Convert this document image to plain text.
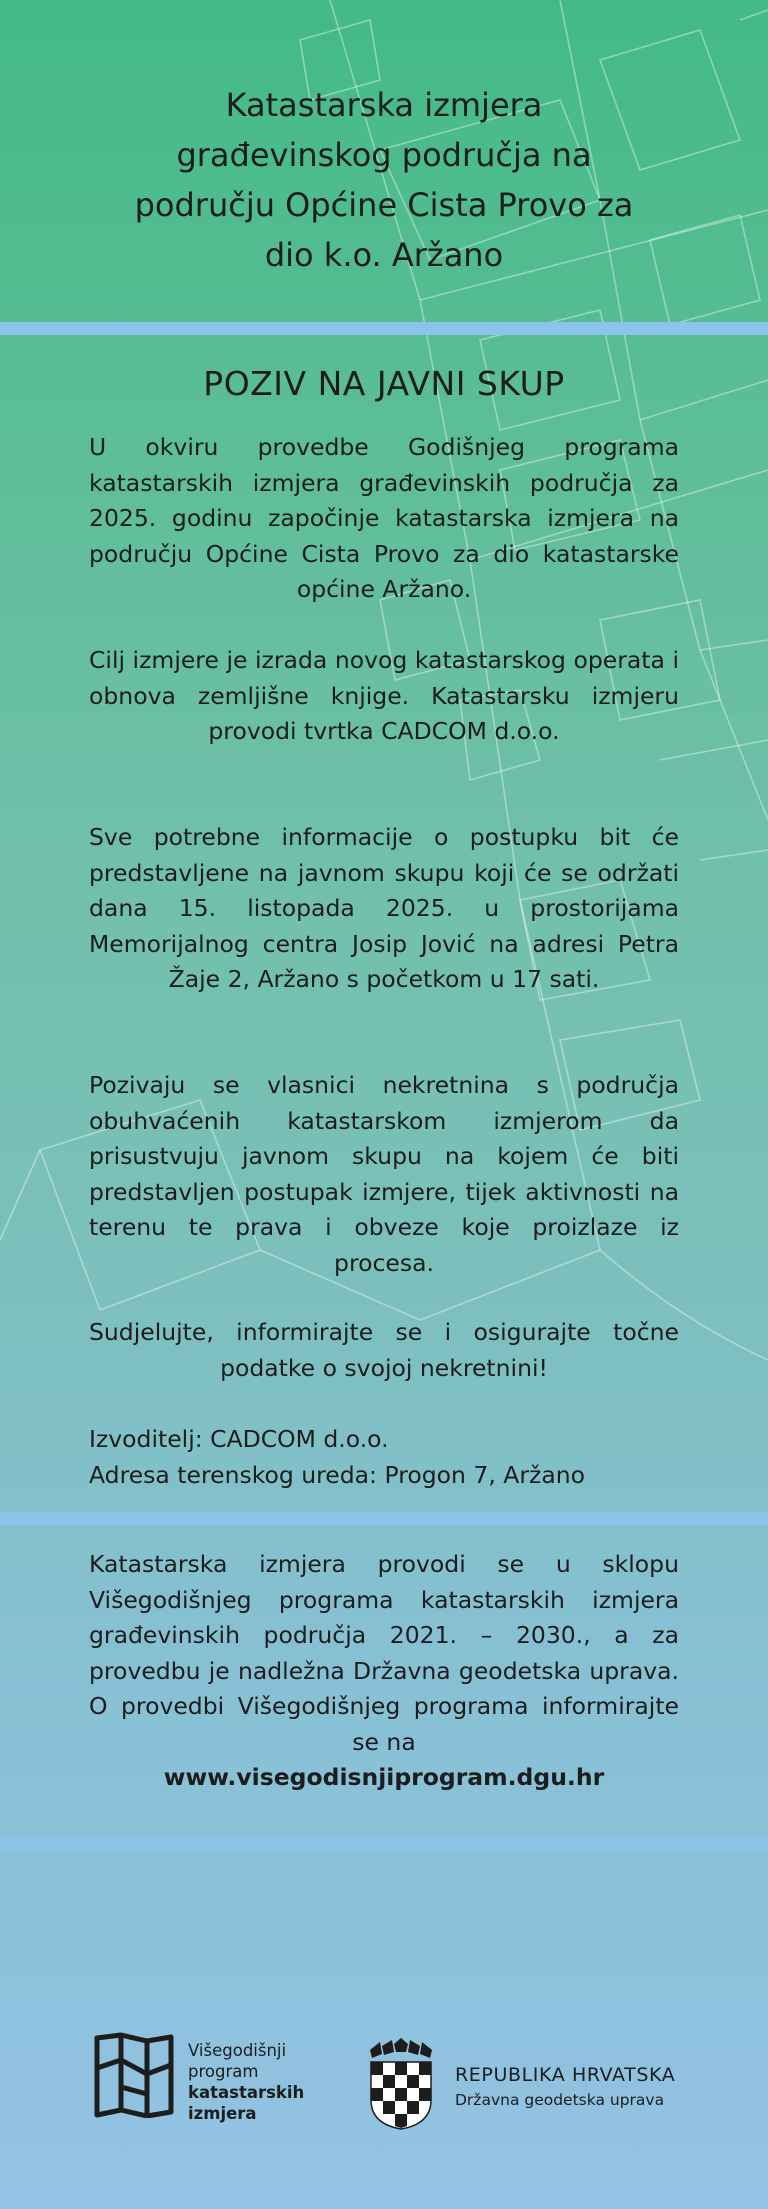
Katastarska izmjera
građevinskog područja na
području Općine Cista Provo za
dio k.o. Aržano
POZIV NA JAVNI SKUP

U okviru provedbe Godišnjeg programa katastarskih izmjera građevinskih područja za 2025. godinu započinje katastarska izmjera na području Općine Cista Provo za dio katastarske općine Aržano.

Cilj izmjere je izrada novog katastarskog operata i obnova zemljišne knjige. Katastarsku izmjeru provodi tvrtka CADCOM d.o.o.

Sve potrebne informacije o postupku bit će predstavljene na javnom skupu koji će se održati dana 15. listopada 2025. u prostorijama Memorijalnog centra Josip Jović na adresi Petra Žaje 2, Aržano s početkom u 17 sati.

Pozivaju se vlasnici nekretnina s područja obuhvaćenih katastarskom izmjerom da prisustvuju javnom skupu na kojem će biti predstavljen postupak izmjere, tijek aktivnosti na terenu te prava i obveze koje proizlaze iz procesa.

Sudjelujte, informirajte se i osigurajte točne podatke o svojoj nekretnini!

Izvoditelj: CADCOM d.o.o.

Adresa terenskog ureda: Progon 7, Aržano

Katastarska izmjera provodi se u sklopu Višegodišnjeg programa katastarskih izmjera građevinskih područja 2021. – 2030., a za provedbu je nadležna Državna geodetska uprava. O provedbi Višegodišnjeg programa informirajte se na
www.visegodisnjiprogram.dgu.hr

Višegodišnji
program
katastarskih
izmjera
REPUBLIKA HRVATSKA
Državna geodetska uprava
